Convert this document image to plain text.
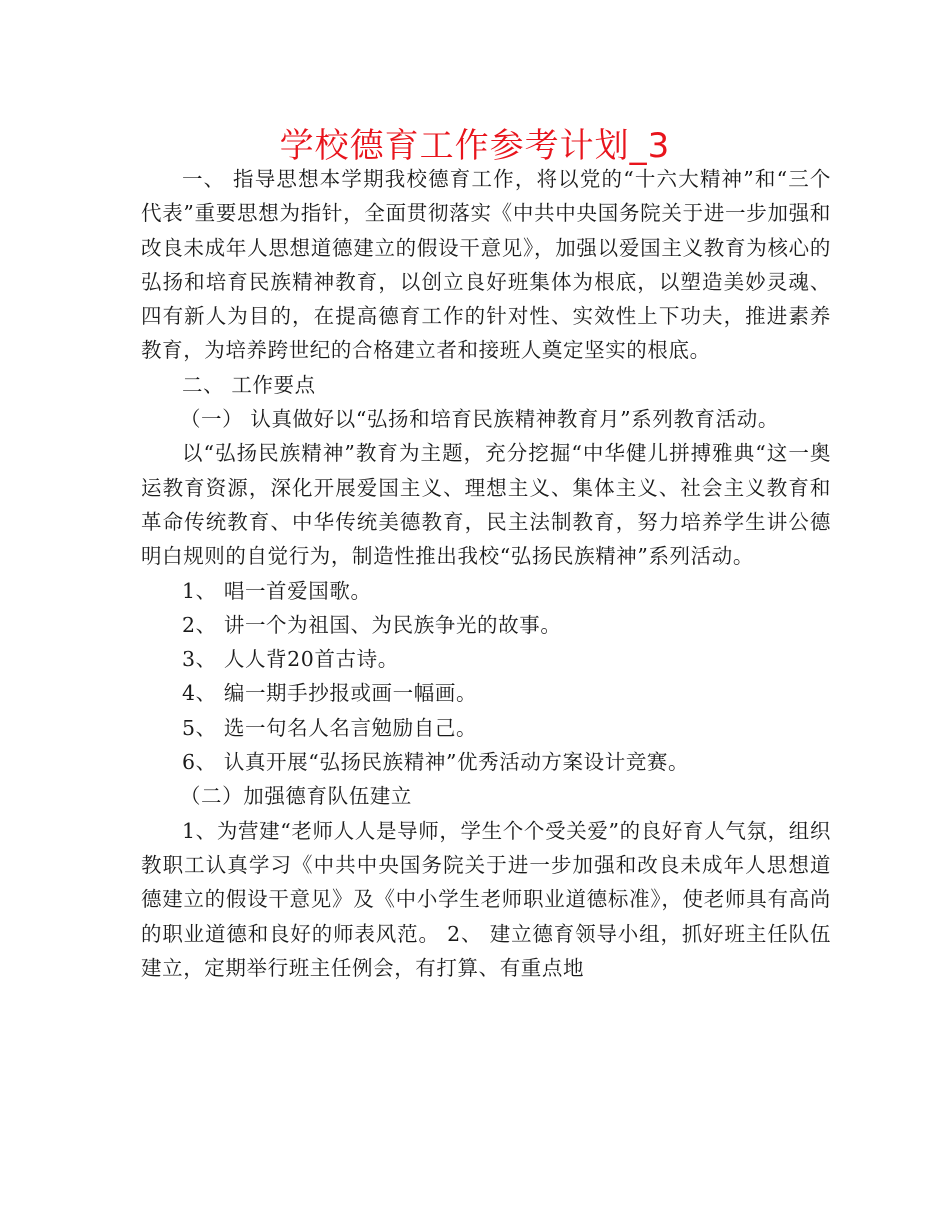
学校德育工作参考计划_3

一、 指导思想本学期我校德育工作，将以党的“十六大精神”和“三个代表”重要思想为指针，全面贯彻落实《中共中央国务院关于进一步加强和改良未成年人思想道德建立的假设干意见》，加强以爱国主义教育为核心的弘扬和培育民族精神教育，以创立良好班集体为根底，以塑造美妙灵魂、四有新人为目的，在提高德育工作的针对性、实效性上下功夫，推进素养教育，为培养跨世纪的合格建立者和接班人奠定坚实的根底。

二、 工作要点

（一） 认真做好以“弘扬和培育民族精神教育月”系列教育活动。

以“弘扬民族精神”教育为主题，充分挖掘“中华健儿拼搏雅典“这一奥运教育资源，深化开展爱国主义、理想主义、集体主义、社会主义教育和革命传统教育、中华传统美德教育，民主法制教育，努力培养学生讲公德明白规则的自觉行为，制造性推出我校“弘扬民族精神”系列活动。

1、 唱一首爱国歌。

2、 讲一个为祖国、为民族争光的故事。

3、 人人背20首古诗。

4、 编一期手抄报或画一幅画。

5、 选一句名人名言勉励自己。

6、 认真开展“弘扬民族精神”优秀活动方案设计竞赛。

（二）加强德育队伍建立

1、为营建“老师人人是导师，学生个个受关爱”的良好育人气氛，组织教职工认真学习《中共中央国务院关于进一步加强和改良未成年人思想道德建立的假设干意见》及《中小学生老师职业道德标准》，使老师具有高尚的职业道德和良好的师表风范。 2、 建立德育领导小组，抓好班主任队伍建立，定期举行班主任例会，有打算、有重点地
